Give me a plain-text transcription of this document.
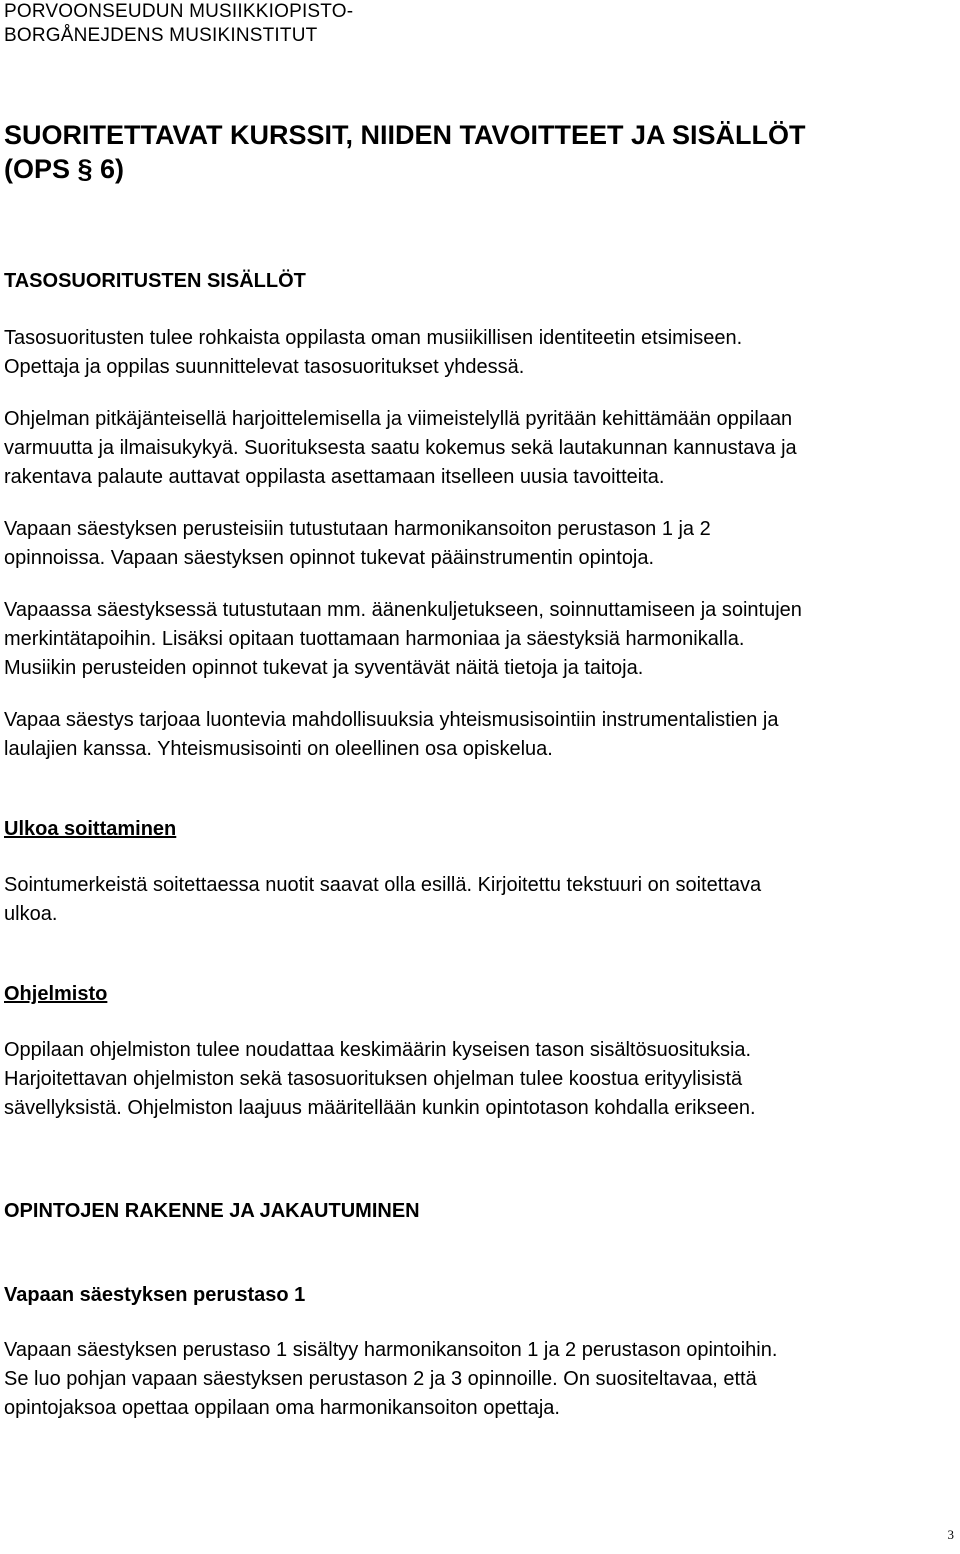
PORVOONSEUDUN MUSIIKKIOPISTO-
BORGÅNEJDENS MUSIKINSTITUT
SUORITETTAVAT KURSSIT, NIIDEN TAVOITTEET JA SISÄLLÖT
(OPS § 6)
TASOSUORITUSTEN SISÄLLÖT

Tasosuoritusten tulee rohkaista oppilasta oman musiikillisen identiteetin etsimiseen.
Opettaja ja oppilas suunnittelevat tasosuoritukset yhdessä.

Ohjelman pitkäjänteisellä harjoittelemisella ja viimeistelyllä pyritään kehittämään oppilaan
varmuutta ja ilmaisukykyä. Suorituksesta saatu kokemus sekä lautakunnan kannustava ja
rakentava palaute auttavat oppilasta asettamaan itselleen uusia tavoitteita.

Vapaan säestyksen perusteisiin tutustutaan harmonikansoiton perustason 1 ja 2
opinnoissa. Vapaan säestyksen opinnot tukevat pääinstrumentin opintoja.

Vapaassa säestyksessä tutustutaan mm. äänenkuljetukseen, soinnuttamiseen ja sointujen
merkintätapoihin. Lisäksi opitaan tuottamaan harmoniaa ja säestyksiä harmonikalla.
Musiikin perusteiden opinnot tukevat ja syventävät näitä tietoja ja taitoja.

Vapaa säestys tarjoaa luontevia mahdollisuuksia yhteismusisointiin instrumentalistien ja
laulajien kanssa. Yhteismusisointi on oleellinen osa opiskelua.

Ulkoa soittaminen

Sointumerkeistä soitettaessa nuotit saavat olla esillä. Kirjoitettu tekstuuri on soitettava
ulkoa.

Ohjelmisto

Oppilaan ohjelmiston tulee noudattaa keskimäärin kyseisen tason sisältösuosituksia.
Harjoitettavan ohjelmiston sekä tasosuorituksen ohjelman tulee koostua erityylisistä
sävellyksistä. Ohjelmiston laajuus määritellään kunkin opintotason kohdalla erikseen.

OPINTOJEN RAKENNE JA JAKAUTUMINEN
Vapaan säestyksen perustaso 1

Vapaan säestyksen perustaso 1 sisältyy harmonikansoiton 1 ja 2 perustason opintoihin.
Se luo pohjan vapaan säestyksen perustason 2 ja 3 opinnoille. On suositeltavaa, että
opintojaksoa opettaa oppilaan oma harmonikansoiton opettaja.

3
